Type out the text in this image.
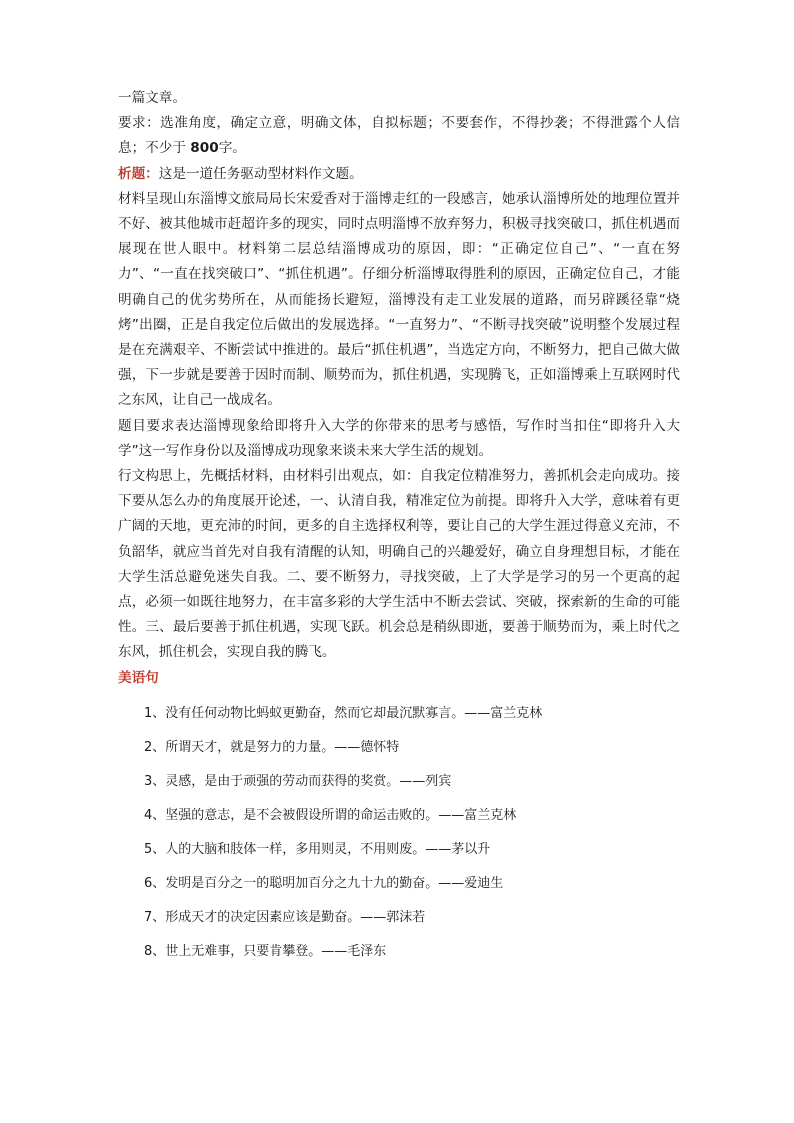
一篇文章。

要求：选准角度，确定立意，明确文体，自拟标题；不要套作，不得抄袭；不得泄露个人信息；不少于 800字。

析题：这是一道任务驱动型材料作文题。

材料呈现山东淄博文旅局局长宋爱香对于淄博走红的一段感言，她承认淄博所处的地理位置并不好、被其他城市赶超许多的现实，同时点明淄博不放弃努力，积极寻找突破口，抓住机遇而展现在世人眼中。材料第二层总结淄博成功的原因，即：“正确定位自己”、“一直在努力”、“一直在找突破口”、“抓住机遇”。仔细分析淄博取得胜利的原因，正确定位自己，才能明确自己的优劣势所在，从而能扬长避短，淄博没有走工业发展的道路，而另辟蹊径靠“烧烤”出圈，正是自我定位后做出的发展选择。“一直努力”、“不断寻找突破”说明整个发展过程是在充满艰辛、不断尝试中推进的。最后“抓住机遇”，当选定方向，不断努力，把自己做大做强，下一步就是要善于因时而制、顺势而为，抓住机遇，实现腾飞，正如淄博乘上互联网时代之东风，让自己一战成名。

题目要求表达淄博现象给即将升入大学的你带来的思考与感悟，写作时当扣住“即将升入大学”这一写作身份以及淄博成功现象来谈未来大学生活的规划。

行文构思上，先概括材料，由材料引出观点，如：自我定位精准努力，善抓机会走向成功。接下要从怎么办的角度展开论述，一、认清自我，精准定位为前提。即将升入大学，意味着有更广阔的天地，更充沛的时间，更多的自主选择权利等，要让自己的大学生涯过得意义充沛，不负韶华，就应当首先对自我有清醒的认知，明确自己的兴趣爱好，确立自身理想目标，才能在大学生活总避免迷失自我。二、要不断努力，寻找突破，上了大学是学习的另一个更高的起点，必须一如既往地努力，在丰富多彩的大学生活中不断去尝试、突破，探索新的生命的可能性。三、最后要善于抓住机遇，实现飞跃。机会总是稍纵即逝，要善于顺势而为，乘上时代之东风，抓住机会，实现自我的腾飞。

美语句

1、没有任何动物比蚂蚁更勤奋，然而它却最沉默寡言。——富兰克林

2、所谓天才，就是努力的力量。——德怀特

3、灵感，是由于顽强的劳动而获得的奖赏。——列宾

4、坚强的意志，是不会被假设所谓的命运击败的。——富兰克林

5、人的大脑和肢体一样，多用则灵，不用则废。——茅以升

6、发明是百分之一的聪明加百分之九十九的勤奋。——爱迪生

7、形成天才的决定因素应该是勤奋。——郭沫若

8、世上无难事，只要肯攀登。——毛泽东
